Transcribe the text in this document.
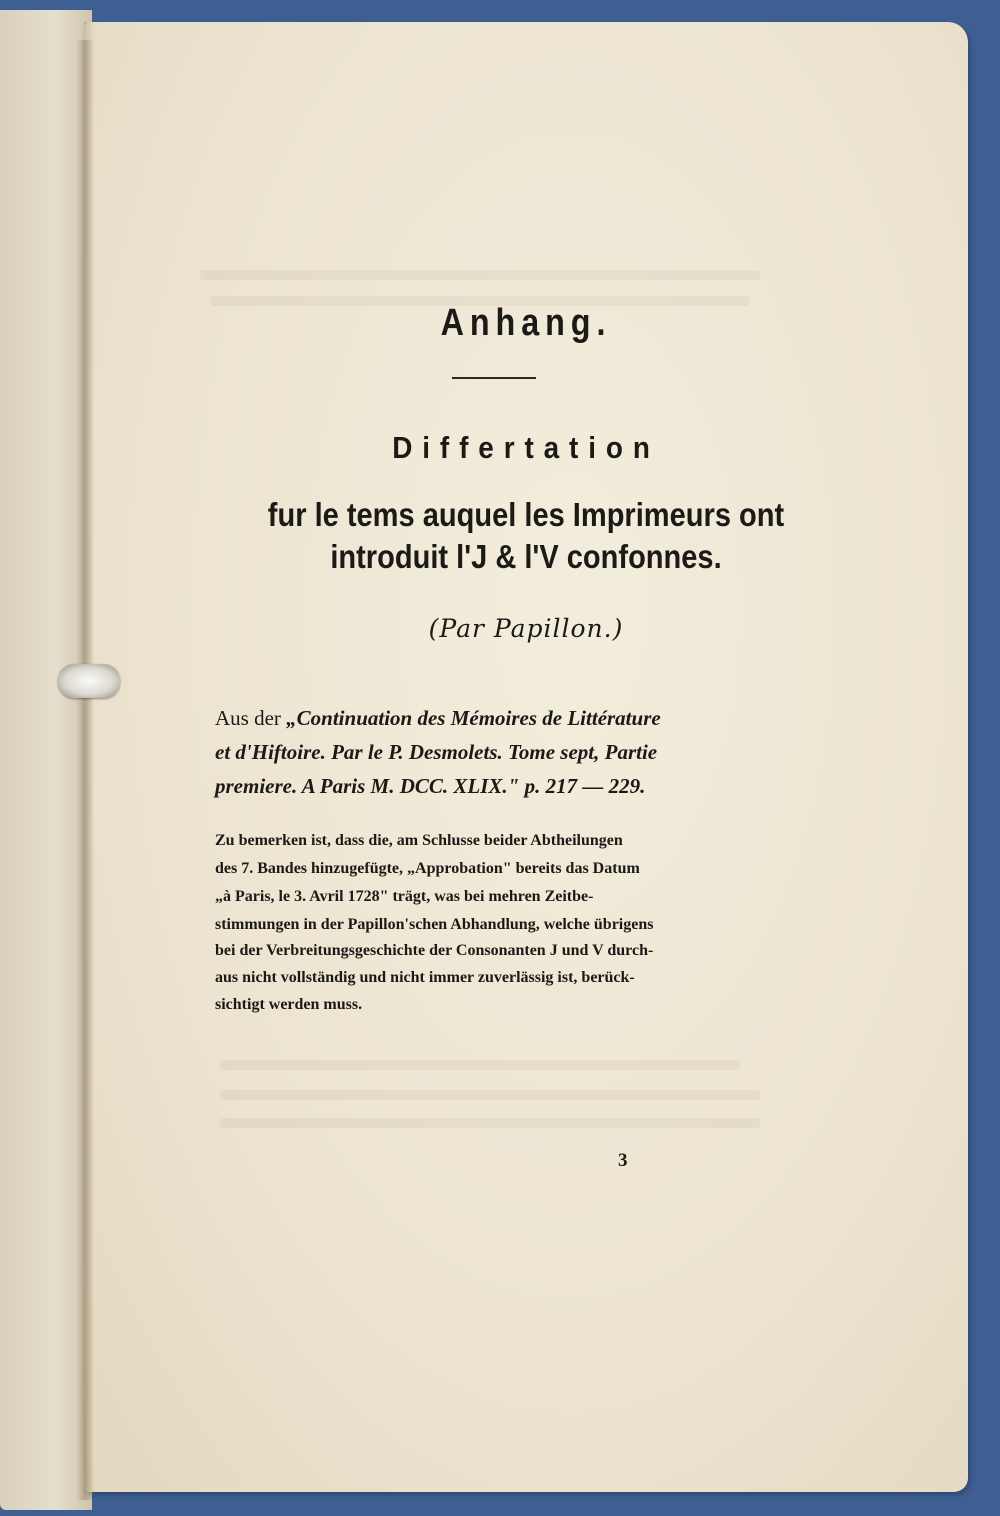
Anhang.
Differtation
fur le tems auquel les Imprimeurs ont
introduit l'J & l'V confonnes.
(Par Papillon.)
Aus der „Continuation des Mémoires de Littérature
et d'Hiftoire. Par le P. Desmolets. Tome sept, Partie
premiere. A Paris M. DCC. XLIX." p. 217 — 229.
Zu bemerken ist, dass die, am Schlusse beider Abtheilungen
des 7. Bandes hinzugefügte, „Approbation" bereits das Datum
„à Paris, le 3. Avril 1728" trägt, was bei mehren Zeitbe-
stimmungen in der Papillon'schen Abhandlung, welche übrigens
bei der Verbreitungsgeschichte der Consonanten J und V durch-
aus nicht vollständig und nicht immer zuverlässig ist, berück-
sichtigt werden muss.
3
